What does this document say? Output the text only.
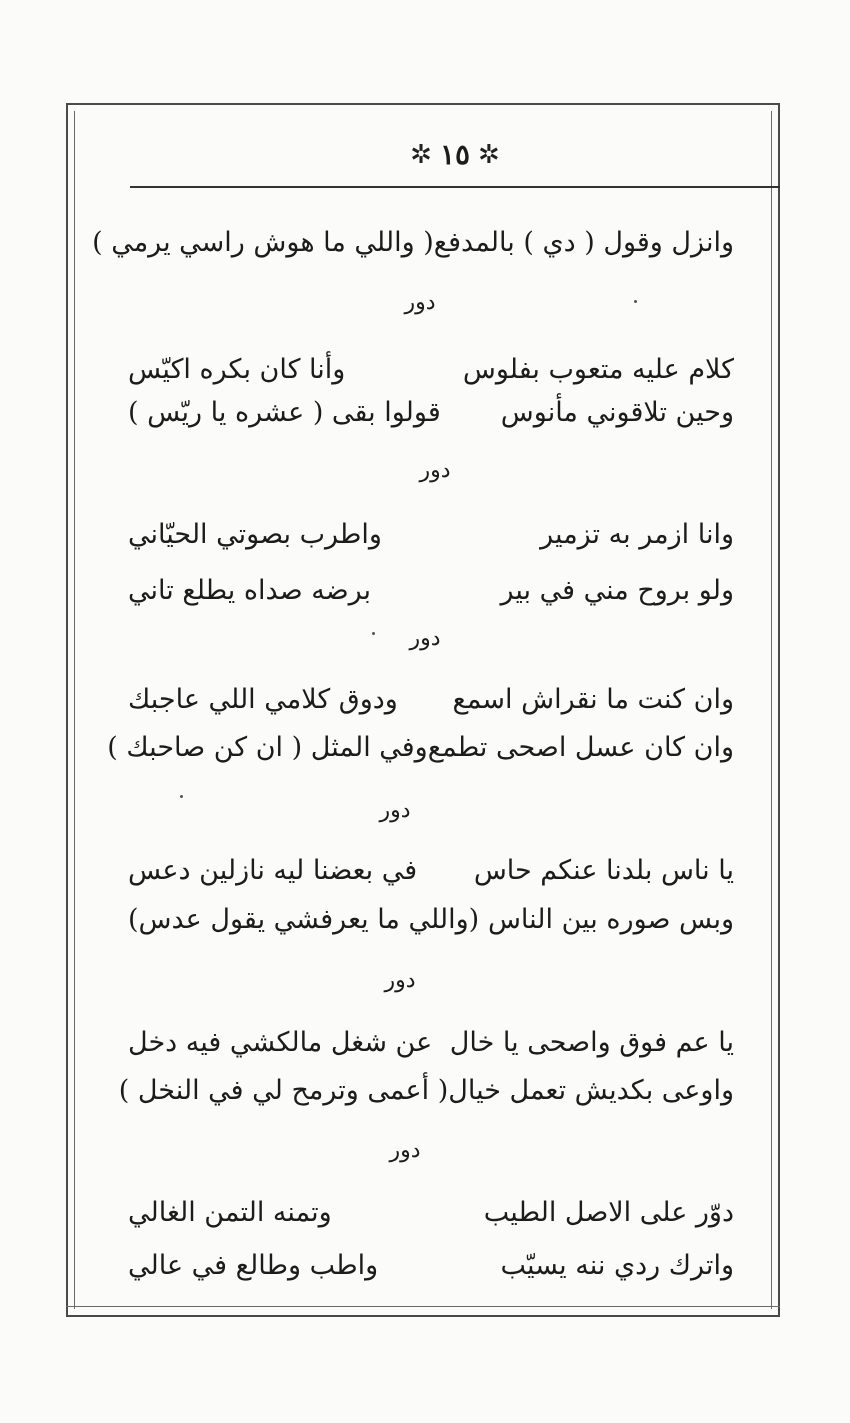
✲ ١٥ ✲
وانزل وقول ( دي ) بالمدفع
( واللي ما هوش راسي يرمي )
دور
كلام عليه متعوب بفلوس
وأنا كان بكره اكيّس
وحين تلاقوني مأنوس
قولوا بقى ( عشره يا ريّس )
دور
وانا ازمر به تزمير
واطرب بصوتي الحيّاني
ولو بروح مني في بير
برضه صداه يطلع تاني
دور
وان كنت ما نقراش اسمع
ودوق كلامي اللي عاجبك
وان كان عسل اصحى تطمع
وفي المثل ( ان كن صاحبك )
دور
يا ناس بلدنا عنكم حاس
في بعضنا ليه نازلين دعس
وبس صوره بين الناس
(واللي ما يعرفشي يقول عدس)
دور
يا عم فوق واصحى يا خال
عن شغل مالكشي فيه دخل
واوعى بكديش تعمل خيال
( أعمى وترمح لي في النخل )
دور
دوّر على الاصل الطيب
وتمنه التمن الغالي
واترك ردي ننه يسيّب
واطب وطالع في عالي
